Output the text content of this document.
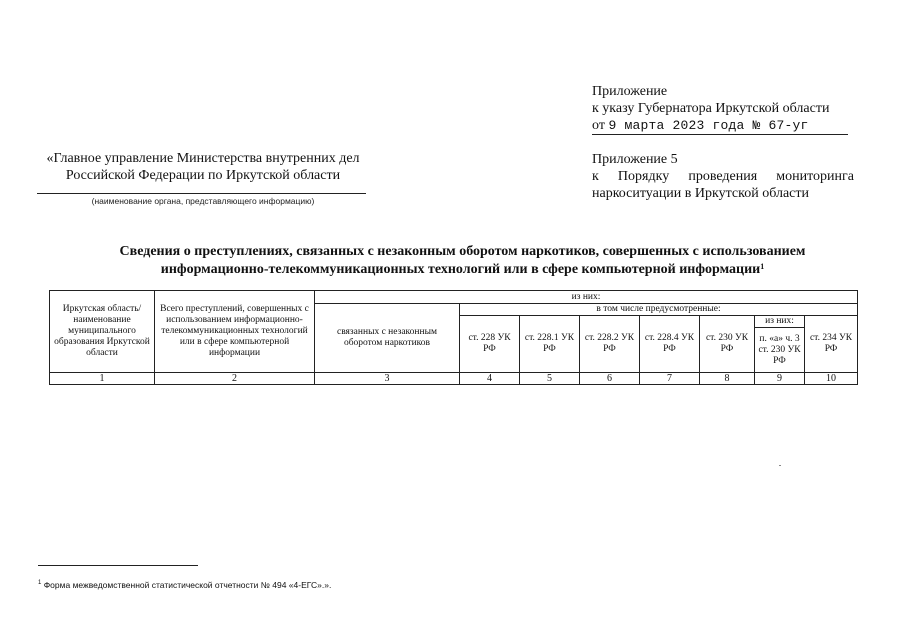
Приложение
к указу Губернатора Иркутской области
от 9 марта 2023 года № 67-уг
«Главное управление Министерства внутренних дел Российской Федерации по Иркутской области
(наименование органа, представляющего информацию)
Приложение 5
к Порядку проведения мониторинга
наркоситуации в Иркутской области
Сведения о преступлениях, связанных с незаконным оборотом наркотиков, совершенных с использованием
информационно-телекоммуникационных технологий или в сфере компьютерной информации$^1$
Иркутская область/ наименование муниципального образования Иркутской области	Всего преступлений, совершенных с использованием информационно-телекоммуникационных технологий или в сфере компьютерной информации	из них:							
		связанных с незаконным оборотом наркотиков	в том числе предусмотренные:						
			ст. 228 УК РФ	ст. 228.1 УК РФ	ст. 228.2 УК РФ	ст. 228.4 УК РФ	ст. 230 УК РФ	из них:	ст. 234 УК РФ
								п. «а» ч. 3 ст. 230 УК РФ	
1	2	3	4	5	6	7	8	9	10
$^1$ Форма межведомственной статистической отчетности № 494 «4-ЕГС».».
